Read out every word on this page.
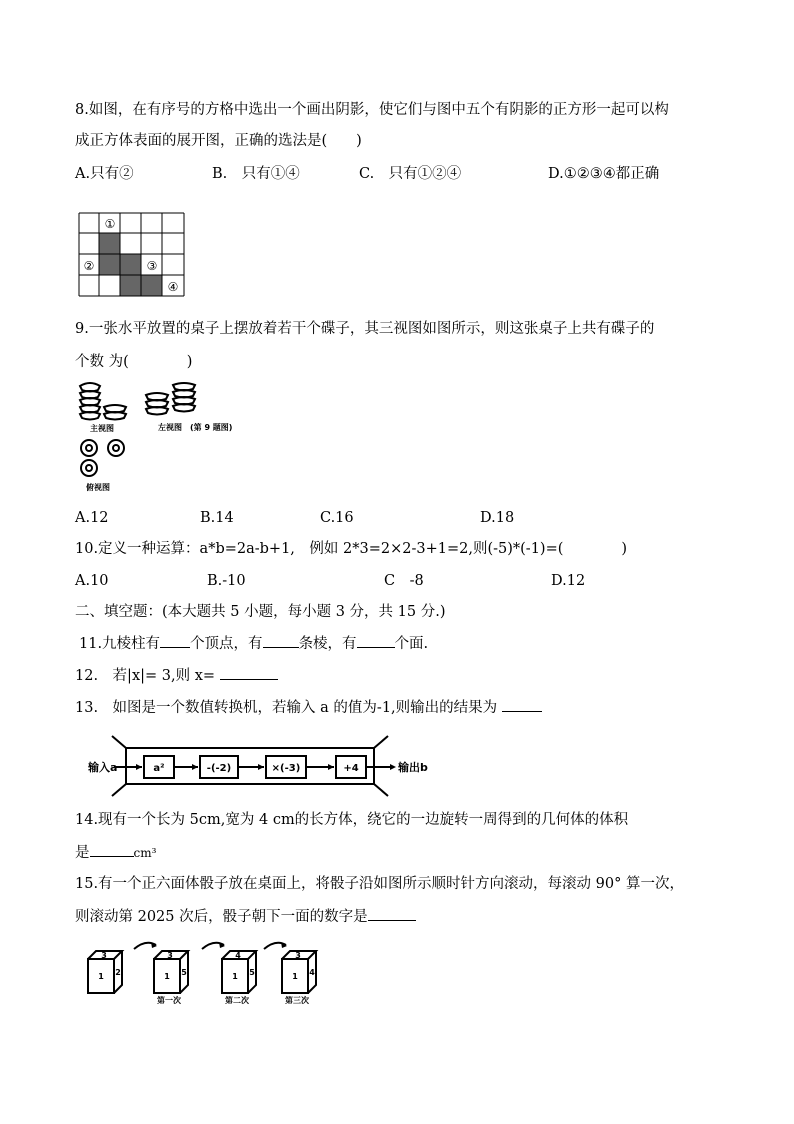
8.如图，在有序号的方格中选出一个画出阴影，使它们与图中五个有阴影的正方形一起可以构
成正方体表面的展开图，正确的选法是(　　)
A.只有②	B.　只有①④	C.　只有①②④	D.①②③④都正确
①
②	③
④
9.一张水平放置的桌子上摆放着若干个碟子，其三视图如图所示，则这张桌子上共有碟子的
个数 为(　　　　)
主视图	左视图 (第 9 题图)
俯视图
A.12	B.14	C.16	D.18
10.定义一种运算：a*b=2a-b+1,　例如 2*3=2×2-3+1=2,则(-5)*(-1)=(　　　　)
A.10	B.-10	C　-8	D.12
二、填空题：(本大题共 5 小题，每小题 3 分，共 15 分.)
11.九棱柱有 个顶点，有 条棱，有	个面.
12.　若|x|= 3,则 x=
13.　如图是一个数值转换机，若输入 a 的值为-1,则输出的结果为
输入a	a²	-(-2)	×(-3)	+4	输出b
14.现有一个长为 5cm,宽为 4 cm的长方体，绕它的一边旋转一周得到的几何体的体积
是	cm³
15.有一个正六面体骰子放在桌面上，将骰子沿如图所示顺时针方向滚动，每滚动 90° 算一次，
则滚动第 2025 次后，骰子朝下一面的数字是
3
1 2
3
1 5
4
1 5
3
1 4
第一次	第二次	第三次
